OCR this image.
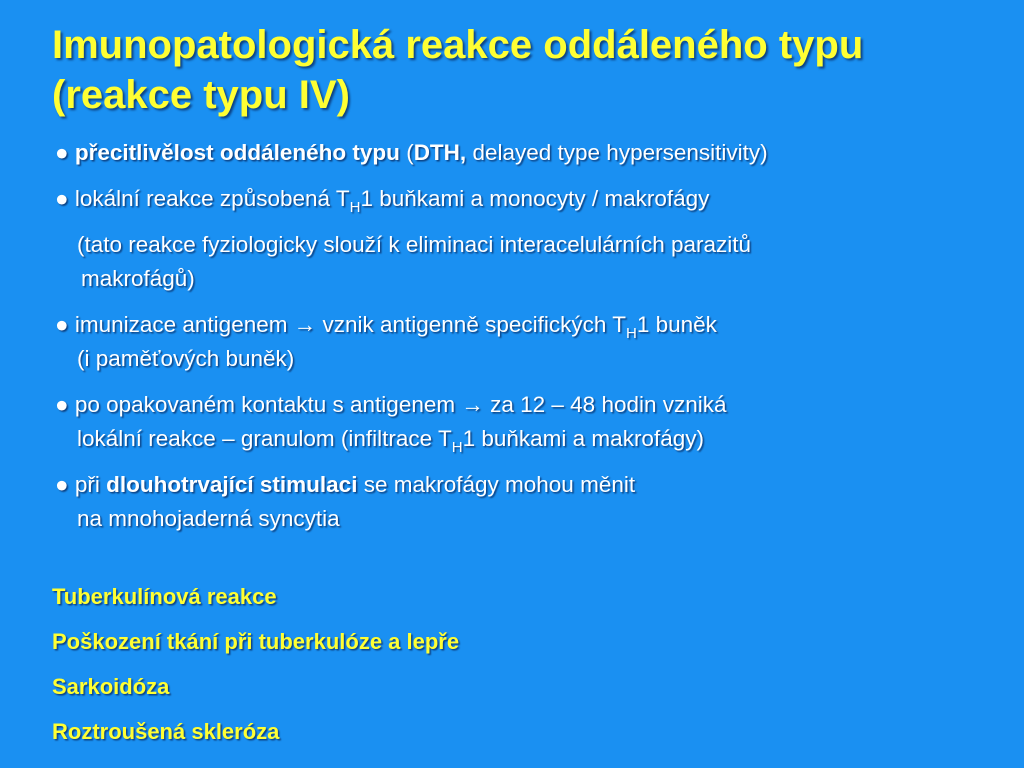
Imunopatologická reakce oddáleného typu
(reakce typu IV)
● přecitlivělost oddáleného typu (DTH, delayed type hypersensitivity)
● lokální reakce způsobená $T_H1$ buňkami a monocyty / makrofágy
(tato reakce fyziologicky slouží k eliminaci interacelulárních parazitů
makrofágů)
● imunizace antigenem → vznik antigenně specifických $T_H1$ buněk
(i paměťových buněk)
● po opakovaném kontaktu s antigenem → za 12 – 48 hodin vzniká
lokální reakce – granulom (infiltrace $T_H1$ buňkami a makrofágy)
● při dlouhotrvající stimulaci se makrofágy mohou měnit
na mnohojaderná syncytia
Tuberkulínová reakce
Poškození tkání při tuberkulóze a lepře
Sarkoidóza
Roztroušená skleróza
